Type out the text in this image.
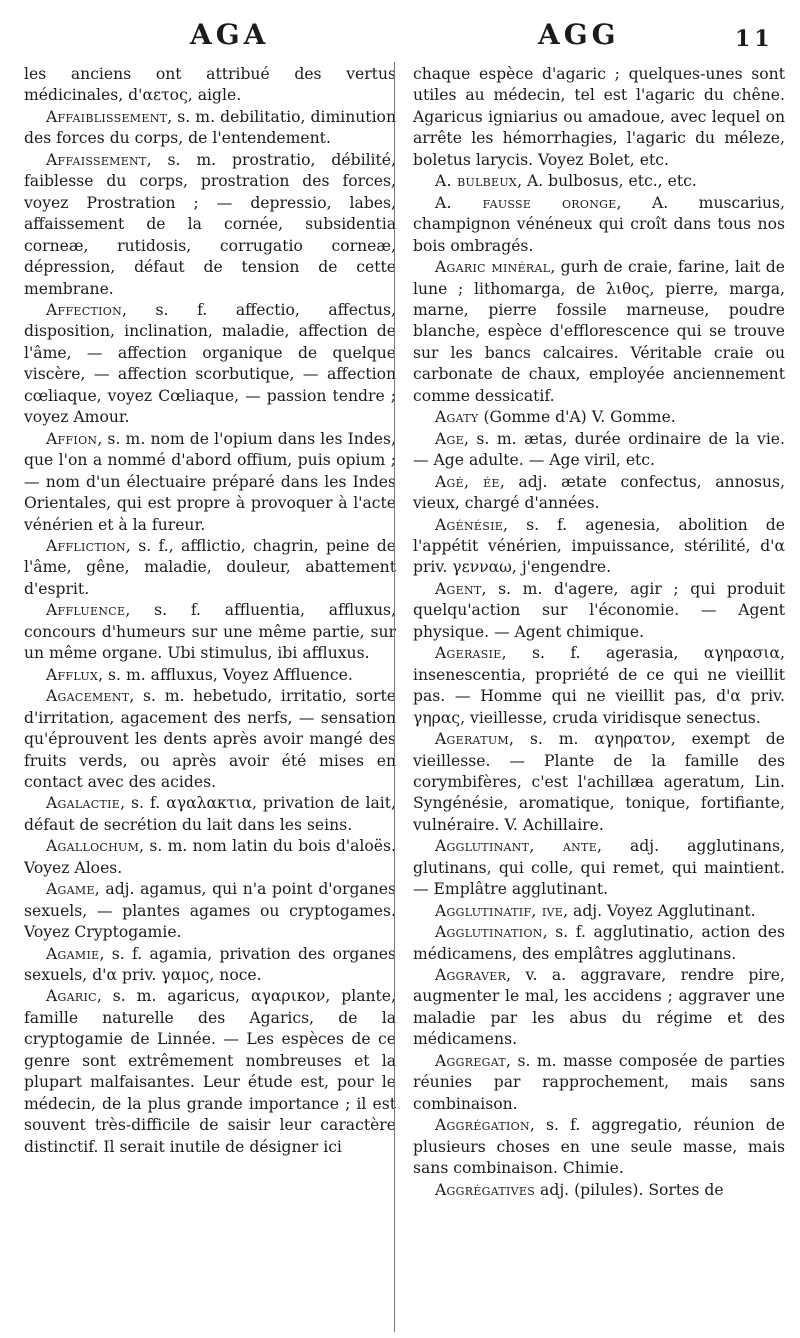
AGA	AGG	11

les anciens ont attribué des vertus médicinales, d'αετος, aigle.

Affaiblissement, s. m. debilitatio, diminution des forces du corps, de l'entendement.

Affaissement, s. m. prostratio, débilité, faiblesse du corps, prostration des forces, voyez Prostration ; — depressio, labes, affaissement de la cornée, subsidentia corneæ, rutidosis, corrugatio corneæ, dépression, défaut de tension de cette membrane.

Affection, s. f. affectio, affectus, disposition, inclination, maladie, affection de l'âme, — affection organique de quelque viscère, — affection scorbutique, — affection cœliaque, voyez Cœliaque, — passion tendre ; voyez Amour.

Affion, s. m. nom de l'opium dans les Indes, que l'on a nommé d'abord offium, puis opium ; — nom d'un électuaire préparé dans les Indes Orientales, qui est propre à provoquer à l'acte vénérien et à la fureur.

Affliction, s. f., afflictio, chagrin, peine de l'âme, gêne, maladie, douleur, abattement d'esprit.

Affluence, s. f. affluentia, affluxus, concours d'humeurs sur une même partie, sur un même organe. Ubi stimulus, ibi affluxus.

Afflux, s. m. affluxus, Voyez Affluence.

Agacement, s. m. hebetudo, irritatio, sorte d'irritation, agacement des nerfs, — sensation qu'éprouvent les dents après avoir mangé des fruits verds, ou après avoir été mises en contact avec des acides.

Agalactie, s. f. αγαλακτια, privation de lait, défaut de secrétion du lait dans les seins.

Agallochum, s. m. nom latin du bois d'aloës. Voyez Aloes.

Agame, adj. agamus, qui n'a point d'organes sexuels, — plantes agames ou cryptogames. Voyez Cryptogamie.

Agamie, s. f. agamia, privation des organes sexuels, d'α priv. γαμος, noce.

Agaric, s. m. agaricus, αγαρικον, plante, famille naturelle des Agarics, de la cryptogamie de Linnée. — Les espèces de ce genre sont extrêmement nombreuses et la plupart malfaisantes. Leur étude est, pour le médecin, de la plus grande importance ; il est souvent très-difficile de saisir leur caractère distinctif. Il serait inutile de désigner ici

chaque espèce d'agaric ; quelques-unes sont utiles au médecin, tel est l'agaric du chêne. Agaricus igniarius ou amadoue, avec lequel on arrête les hémorrhagies, l'agaric du méleze, boletus larycis. Voyez Bolet, etc.

A. bulbeux, A. bulbosus, etc., etc.

A. fausse oronge, A. muscarius, champignon vénéneux qui croît dans tous nos bois ombragés.

Agaric minéral, gurh de craie, farine, lait de lune ; lithomarga, de λιθος, pierre, marga, marne, pierre fossile marneuse, poudre blanche, espèce d'efflorescence qui se trouve sur les bancs calcaires. Véritable craie ou carbonate de chaux, employée anciennement comme dessicatif.

Agaty (Gomme d'A) V. Gomme.

Age, s. m. ætas, durée ordinaire de la vie. — Age adulte. — Age viril, etc.

Agé, ée, adj. ætate confectus, annosus, vieux, chargé d'années.

Agénésie, s. f. agenesia, abolition de l'appétit vénérien, impuissance, stérilité, d'α priv. γενναω, j'engendre.

Agent, s. m. d'agere, agir ; qui produit quelqu'action sur l'économie. — Agent physique. — Agent chimique.

Agerasie, s. f. agerasia, αγηρασια, insenescentia, propriété de ce qui ne vieillit pas. — Homme qui ne vieillit pas, d'α priv. γηρας, vieillesse, cruda viridisque senectus.

Ageratum, s. m. αγηρατον, exempt de vieillesse. — Plante de la famille des corymbifères, c'est l'achillæa ageratum, Lin. Syngénésie, aromatique, tonique, fortifiante, vulnéraire. V. Achillaire.

Agglutinant, ante, adj. agglutinans, glutinans, qui colle, qui remet, qui maintient. — Emplâtre agglutinant.

Agglutinatif, ive, adj. Voyez Agglutinant.

Agglutination, s. f. agglutinatio, action des médicamens, des emplâtres agglutinans.

Aggraver, v. a. aggravare, rendre pire, augmenter le mal, les accidens ; aggraver une maladie par les abus du régime et des médicamens.

Aggregat, s. m. masse composée de parties réunies par rapprochement, mais sans combinaison.

Aggrégation, s. f. aggregatio, réunion de plusieurs choses en une seule masse, mais sans combinaison. Chimie.

Aggrégatives adj. (pilules). Sortes de
